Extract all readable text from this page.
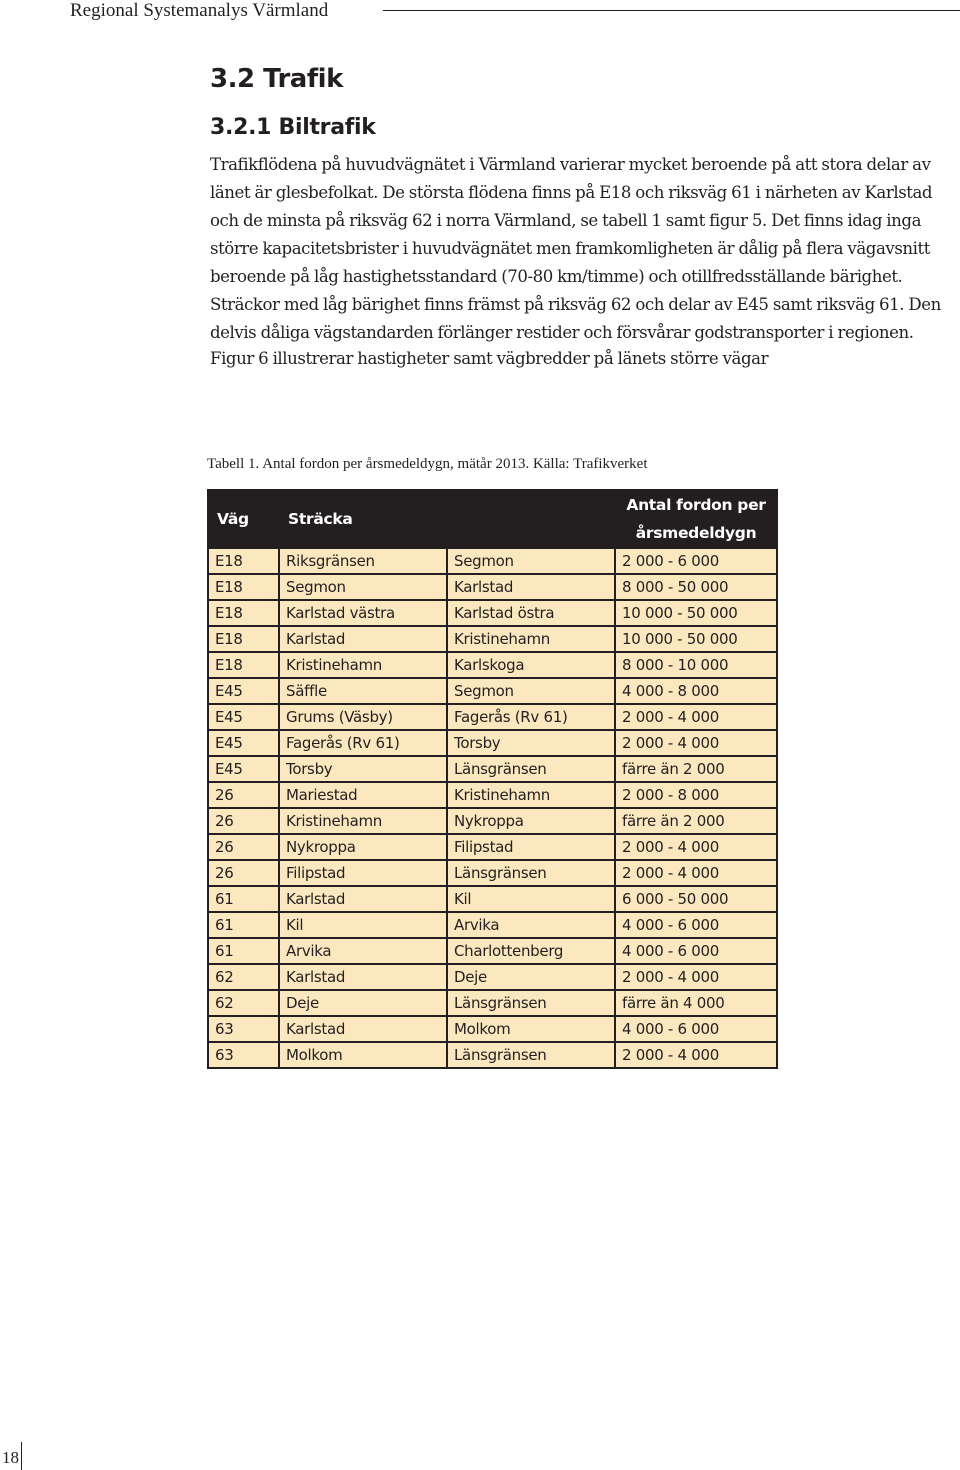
Regional Systemanalys Värmland
3.2 Trafik
3.2.1 Biltrafik

Trafikflödena på huvudvägnätet i Värmland varierar mycket beroende på att stora delar av länet är glesbefolkat. De största flödena finns på E18 och riksväg 61 i närheten av Karlstad och de minsta på riksväg 62 i norra Värmland, se tabell 1 samt figur 5. Det finns idag inga större kapacitetsbrister i huvudvägnätet men framkomligheten är dålig på flera vägavsnitt beroende på låg hastighetsstandard (70-80 km/timme) och otillfredsställande bärighet. Sträckor med låg bärighet finns främst på riksväg 62 och delar av E45 samt riksväg 61. Den delvis dåliga vägstandarden förlänger restider och försvårar godstransporter i regionen.

Figur 6 illustrerar hastigheter samt vägbredder på länets större vägar

Tabell 1. Antal fordon per årsmedeldygn, mätår 2013. Källa: Trafikverket

Väg	Sträcka		Antal fordon per
årsmedeldygn
E18	Riksgränsen	Segmon	2 000 - 6 000
E18	Segmon	Karlstad	8 000 - 50 000
E18	Karlstad västra	Karlstad östra	10 000 - 50 000
E18	Karlstad	Kristinehamn	10 000 - 50 000
E18	Kristinehamn	Karlskoga	8 000 - 10 000
E45	Säffle	Segmon	4 000 - 8 000
E45	Grums (Väsby)	Fagerås (Rv 61)	2 000 - 4 000
E45	Fagerås (Rv 61)	Torsby	2 000 - 4 000
E45	Torsby	Länsgränsen	färre än 2 000
26	Mariestad	Kristinehamn	2 000 - 8 000
26	Kristinehamn	Nykroppa	färre än 2 000
26	Nykroppa	Filipstad	2 000 - 4 000
26	Filipstad	Länsgränsen	2 000 - 4 000
61	Karlstad	Kil	6 000 - 50 000
61	Kil	Arvika	4 000 - 6 000
61	Arvika	Charlottenberg	4 000 - 6 000
62	Karlstad	Deje	2 000 - 4 000
62	Deje	Länsgränsen	färre än 4 000
63	Karlstad	Molkom	4 000 - 6 000
63	Molkom	Länsgränsen	2 000 - 4 000
18
